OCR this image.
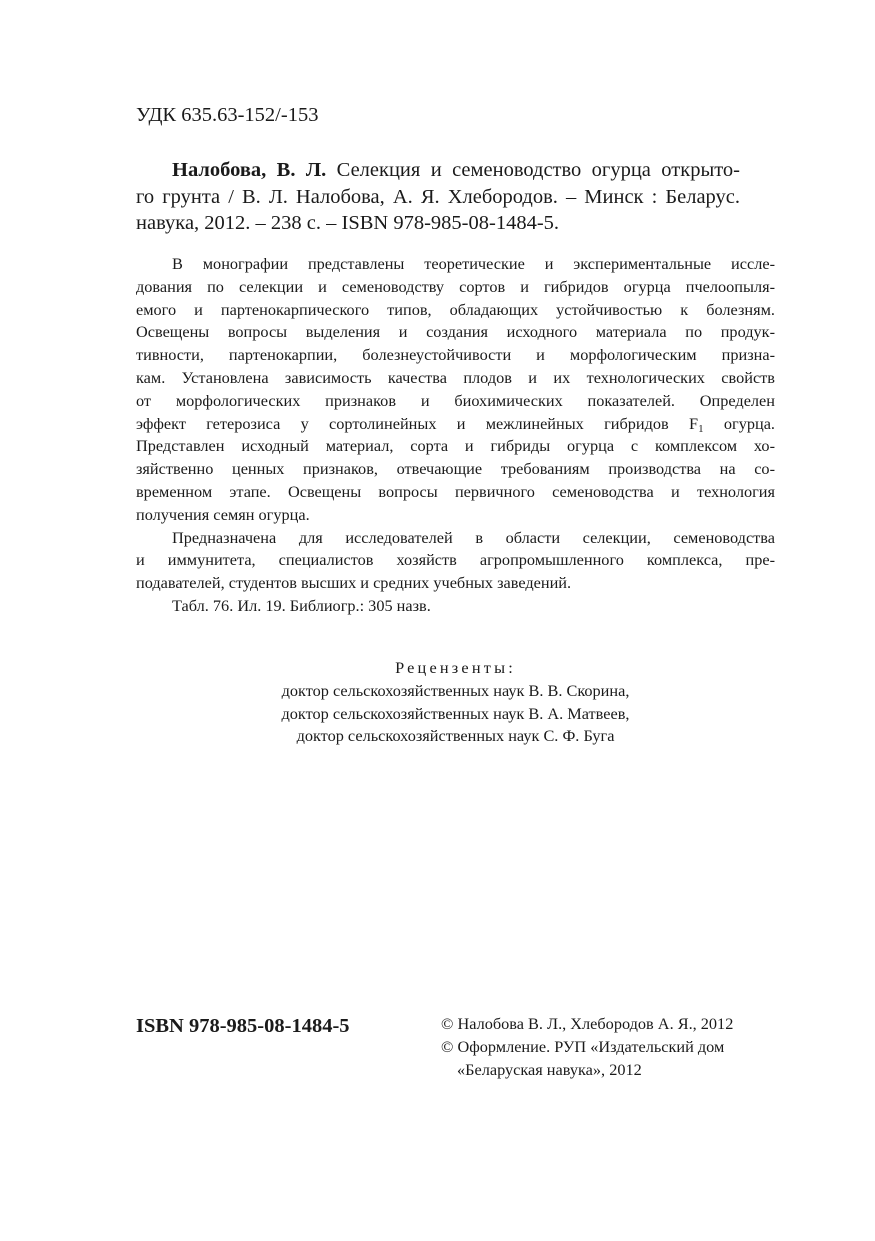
УДК 635.63-152/-153
Налобова, В. Л. Селекция и семеноводство огурца открыто-
го грунта / В. Л. Налобова, А. Я. Хлебородов. – Минск : Беларус.
навука, 2012. – 238 с. – ISBN 978-985-08-1484-5.
В монографии представлены теоретические и экспериментальные иссле-
дования по селекции и семеноводству сортов и гибридов огурца пчелоопыля-
емого и партенокарпического типов, обладающих устойчивостью к болезням.
Освещены вопросы выделения и создания исходного материала по продук-
тивности, партенокарпии, болезнеустойчивости и морфологическим призна-
кам. Установлена зависимость качества плодов и их технологических свойств
от морфологических признаков и биохимических показателей. Определен
эффект гетерозиса у сортолинейных и межлинейных гибридов $F_1$ огурца.
Представлен исходный материал, сорта и гибриды огурца с комплексом хо-
зяйственно ценных признаков, отвечающие требованиям производства на со-
временном этапе. Освещены вопросы первичного семеноводства и технология
получения семян огурца.
Предназначена для исследователей в области селекции, семеноводства
и иммунитета, специалистов хозяйств агропромышленного комплекса, пре-
подавателей, студентов высших и средних учебных заведений.
Табл. 76. Ил. 19. Библиогр.: 305 назв.
Рецензенты:
доктор сельскохозяйственных наук В. В. Скорина,
доктор сельскохозяйственных наук В. А. Матвеев,
доктор сельскохозяйственных наук С. Ф. Буга
ISBN 978-985-08-1484-5	© Налобова В. Л., Хлебородов А. Я., 2012
© Оформление. РУП «Издательский дом
«Беларуская навука», 2012
